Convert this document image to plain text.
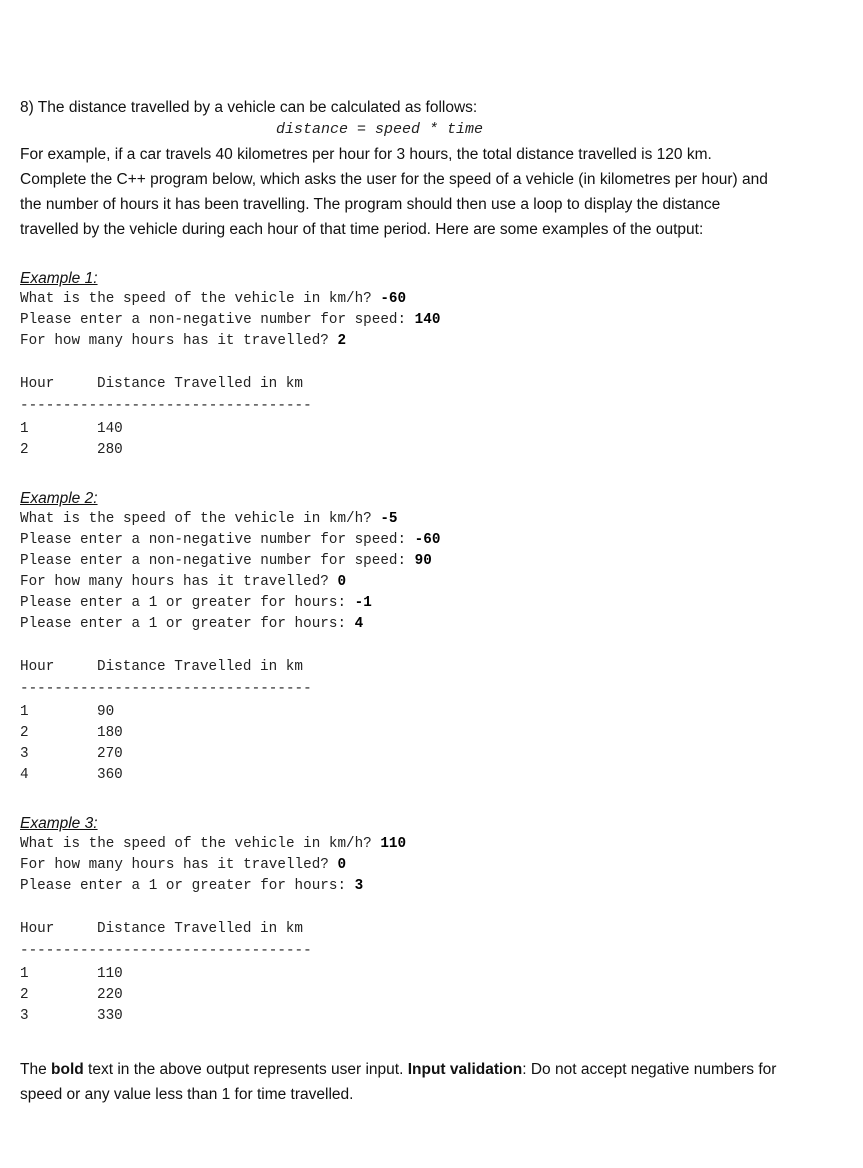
8) The distance travelled by a vehicle can be calculated as follows:

distance = speed * time

For example, if a car travels 40 kilometres per hour for 3 hours, the total distance travelled is 120 km. Complete the C++ program below, which asks the user for the speed of a vehicle (in kilometres per hour) and the number of hours it has been travelling. The program should then use a loop to display the distance travelled by the vehicle during each hour of that time period. Here are some examples of the output:

Example 1:

What is the speed of the vehicle in km/h? -60
Please enter a non-negative number for speed: 140
For how many hours has it travelled? 2
Hour	Distance Travelled in km
----------------------------------
1	140
2	280

Example 2:

What is the speed of the vehicle in km/h? -5
Please enter a non-negative number for speed: -60
Please enter a non-negative number for speed: 90
For how many hours has it travelled? 0
Please enter a 1 or greater for hours: -1
Please enter a 1 or greater for hours: 4
Hour	Distance Travelled in km
----------------------------------
1	90
2	180
3	270
4	360

Example 3:

What is the speed of the vehicle in km/h? 110
For how many hours has it travelled? 0
Please enter a 1 or greater for hours: 3
Hour	Distance Travelled in km
----------------------------------
1	110
2	220
3	330

The bold text in the above output represents user input. Input validation: Do not accept negative numbers for speed or any value less than 1 for time travelled.
